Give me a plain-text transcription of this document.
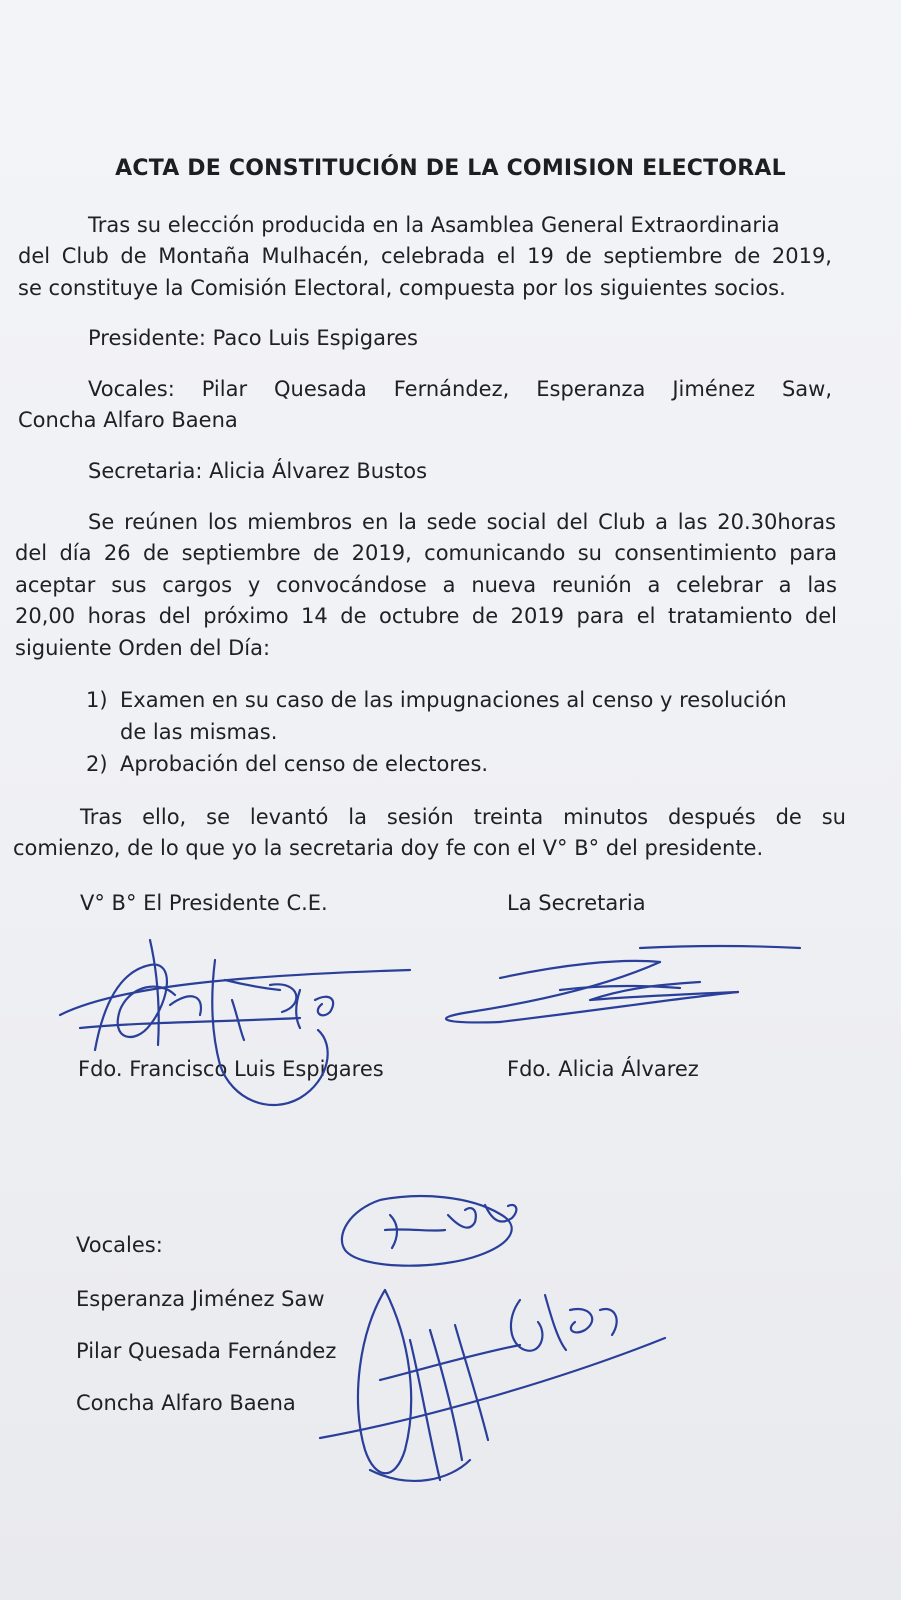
ACTA DE CONSTITUCIÓN DE LA COMISION ELECTORAL
Tras su elección producida en la Asamblea General Extraordinaria
del Club de Montaña Mulhacén, celebrada el 19 de septiembre de 2019,
se constituye la Comisión Electoral, compuesta por los siguientes socios.
Presidente: Paco Luis Espigares
Vocales: Pilar Quesada Fernández, Esperanza Jiménez Saw,
Concha Alfaro Baena
Secretaria: Alicia Álvarez Bustos
Se reúnen los miembros en la sede social del Club a las 20.30horas
del día 26 de septiembre de 2019, comunicando su consentimiento para
aceptar sus cargos y convocándose a nueva reunión a celebrar a las
20,00 horas del próximo 14 de octubre de 2019 para el tratamiento del
siguiente Orden del Día:
1) Examen en su caso de las impugnaciones al censo y resolución
de las mismas.
2) Aprobación del censo de electores.
Tras ello, se levantó la sesión treinta minutos después de su
comienzo, de lo que yo la secretaria doy fe con el V° B° del presidente.
V° B° El Presidente C.E.	La Secretaria
Fdo. Francisco Luis Espigares	Fdo. Alicia Álvarez
Vocales:
Esperanza Jiménez Saw
Pilar Quesada Fernández
Concha Alfaro Baena
